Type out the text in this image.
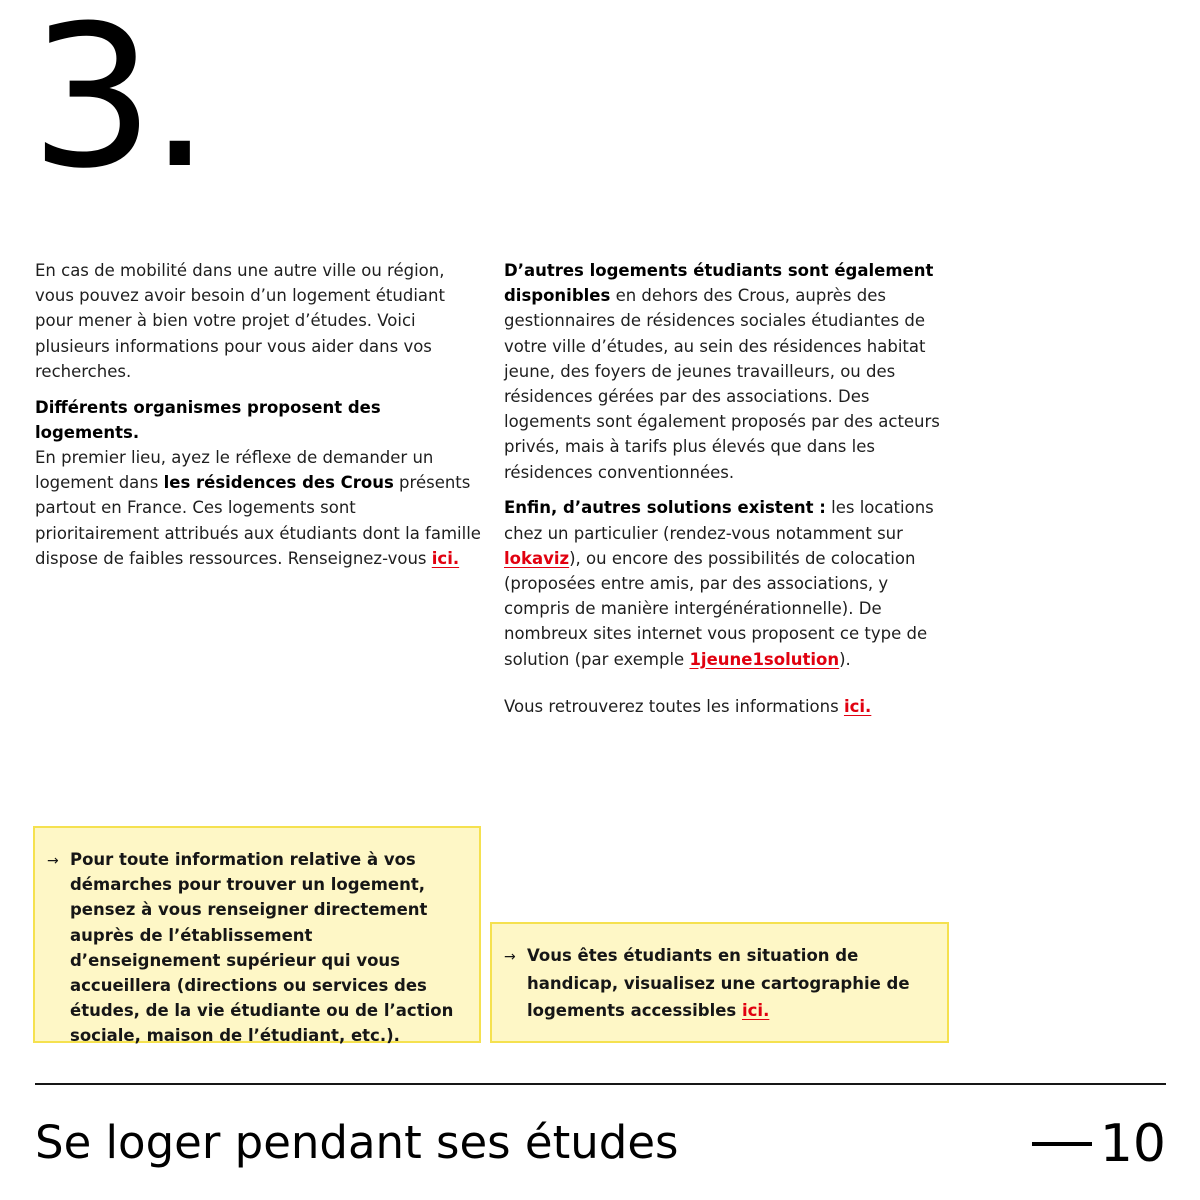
3.

En cas de mobilité dans une autre ville ou région, vous pouvez avoir besoin d’un logement étudiant pour mener à bien votre projet d’études. Voici plusieurs informations pour vous aider dans vos recherches.

Différents organismes proposent des logements.
En premier lieu, ayez le réflexe de demander un logement dans les résidences des Crous présents partout en France. Ces logements sont prioritairement attribués aux étudiants dont la famille dispose de faibles ressources. Renseignez-vous ici.

D’autres logements étudiants sont également disponibles en dehors des Crous, auprès des gestionnaires de résidences sociales étudiantes de votre ville d’études, au sein des résidences habitat jeune, des foyers de jeunes travailleurs, ou des résidences gérées par des associations. Des logements sont également proposés par des acteurs privés, mais à tarifs plus élevés que dans les résidences conventionnées.

Enfin, d’autres solutions existent : les locations chez un particulier (rendez-vous notamment sur lokaviz), ou encore des possibilités de colocation (proposées entre amis, par des associations, y compris de manière intergénérationnelle). De nombreux sites internet vous proposent ce type de solution (par exemple 1jeune1solution).

Vous retrouverez toutes les informations ici.

→ Pour toute information relative à vos démarches pour trouver un logement, pensez à vous renseigner directement auprès de l’établissement d’enseignement supérieur qui vous accueillera (directions ou services des études, de la vie étudiante ou de l’action sociale, maison de l’étudiant, etc.).

→ Vous êtes étudiants en situation de handicap, visualisez une cartographie de logements accessibles ici.

Se loger pendant ses études	10
